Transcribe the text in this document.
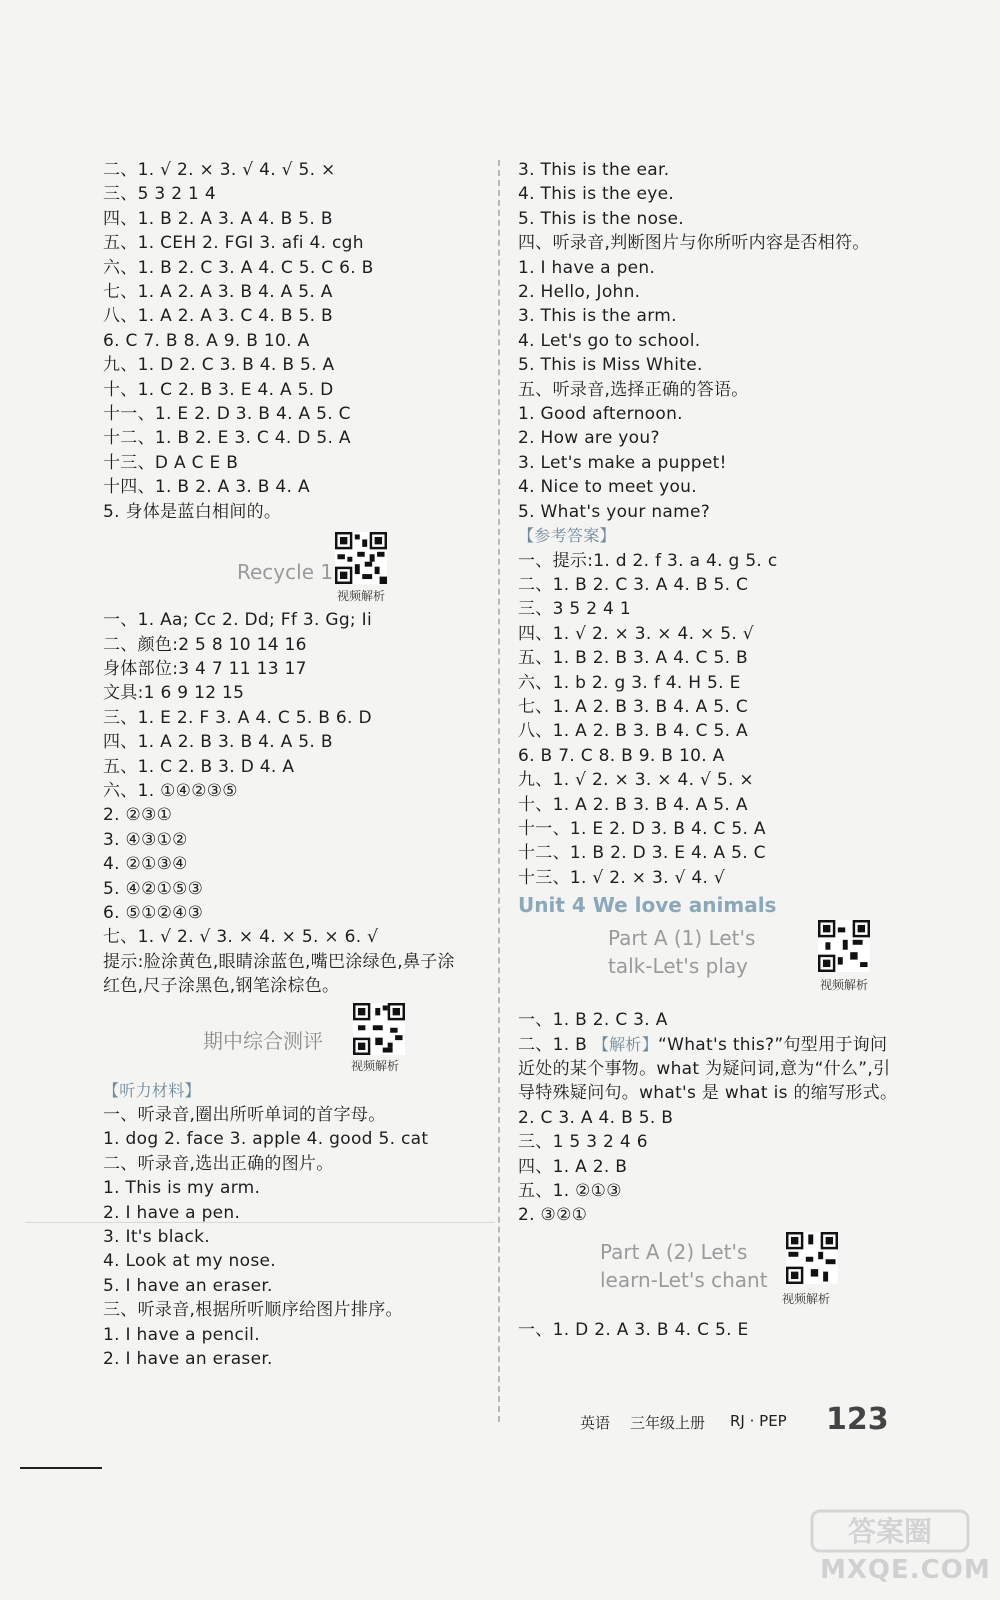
二、1. √ 2. × 3. √ 4. √ 5. ×
三、5 3 2 1 4
四、1. B 2. A 3. A 4. B 5. B
五、1. CEH 2. FGI 3. afi 4. cgh
六、1. B 2. C 3. A 4. C 5. C 6. B
七、1. A 2. A 3. B 4. A 5. A
八、1. A 2. A 3. C 4. B 5. B
6. C 7. B 8. A 9. B 10. A
九、1. D 2. C 3. B 4. B 5. A
十、1. C 2. B 3. E 4. A 5. D
十一、1. E 2. D 3. B 4. A 5. C
十二、1. B 2. E 3. C 4. D 5. A
十三、D A C E B
十四、1. B 2. A 3. B 4. A
5. 身体是蓝白相间的。
Recycle 1
视频解析
一、1. Aa; Cc 2. Dd; Ff 3. Gg; Ii
二、颜色:2 5 8 10 14 16
身体部位:3 4 7 11 13 17
文具:1 6 9 12 15
三、1. E 2. F 3. A 4. C 5. B 6. D
四、1. A 2. B 3. B 4. A 5. B
五、1. C 2. B 3. D 4. A
六、1. ①④②③⑤
2. ②③①
3. ④③①②
4. ②①③④
5. ④②①⑤③
6. ⑤①②④③
七、1. √ 2. √ 3. × 4. × 5. × 6. √
提示:脸涂黄色,眼睛涂蓝色,嘴巴涂绿色,鼻子涂红色,尺子涂黑色,钢笔涂棕色。
期中综合测评
视频解析
【听力材料】
一、听录音,圈出所听单词的首字母。
1. dog 2. face 3. apple 4. good 5. cat
二、听录音,选出正确的图片。
1. This is my arm.
2. I have a pen.
3. It's black.
4. Look at my nose.
5. I have an eraser.
三、听录音,根据所听顺序给图片排序。
1. I have a pencil.
2. I have an eraser.
3. This is the ear.
4. This is the eye.
5. This is the nose.
四、听录音,判断图片与你所听内容是否相符。
1. I have a pen.
2. Hello, John.
3. This is the arm.
4. Let's go to school.
5. This is Miss White.
五、听录音,选择正确的答语。
1. Good afternoon.
2. How are you?
3. Let's make a puppet!
4. Nice to meet you.
5. What's your name?
【参考答案】
一、提示:1. d 2. f 3. a 4. g 5. c
二、1. B 2. C 3. A 4. B 5. C
三、3 5 2 4 1
四、1. √ 2. × 3. × 4. × 5. √
五、1. B 2. B 3. A 4. C 5. B
六、1. b 2. g 3. f 4. H 5. E
七、1. A 2. B 3. B 4. A 5. C
八、1. A 2. B 3. B 4. C 5. A
6. B 7. C 8. B 9. B 10. A
九、1. √ 2. × 3. × 4. √ 5. ×
十、1. A 2. B 3. B 4. A 5. A
十一、1. E 2. D 3. B 4. C 5. A
十二、1. B 2. D 3. E 4. A 5. C
十三、1. √ 2. × 3. √ 4. √
Unit 4 We love animals
Part A (1) Let's
talk-Let's play
视频解析
一、1. B 2. C 3. A
二、1. B 【解析】“What's this?”句型用于询问近处的某个事物。what 为疑问词,意为“什么”,引导特殊疑问句。what's 是 what is 的缩写形式。
2. C 3. A 4. B 5. B
三、1 5 3 2 4 6
四、1. A 2. B
五、1. ②①③
2. ③②①
Part A (2) Let's
learn-Let's chant
视频解析
一、1. D 2. A 3. B 4. C 5. E
英语 三年级上册 RJ · PEP 123
答案圈
MXQE.COM
